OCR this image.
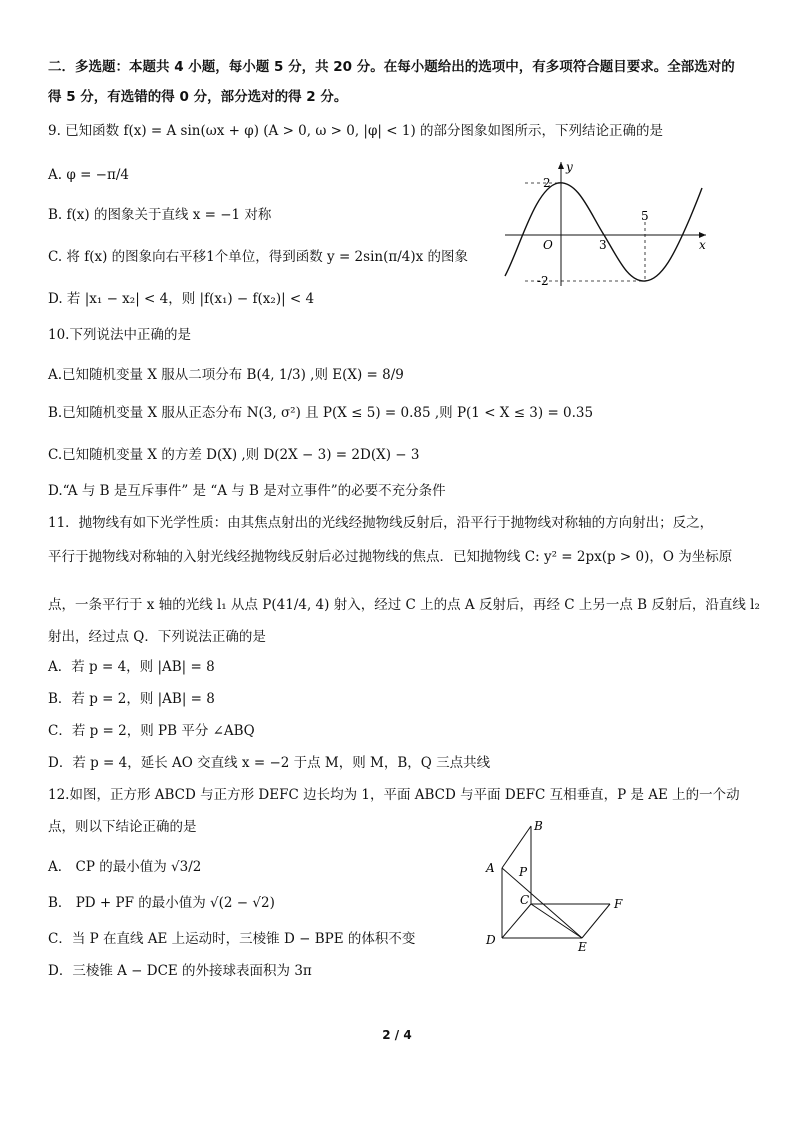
二．多选题：本题共 4 小题，每小题 5 分，共 20 分。在每小题给出的选项中，有多项符合题目要求。全部选对的
得 5 分，有选错的得 0 分，部分选对的得 2 分。
9. 已知函数 f(x) = A sin(ωx + φ) (A > 0, ω > 0, |φ| < 1) 的部分图象如图所示，下列结论正确的是
A. φ = −π/4
B. f(x) 的图象关于直线 x = −1 对称
C. 将 f(x) 的图象向右平移1个单位，得到函数 y = 2sin(π/4)x 的图象
D. 若 |x₁ − x₂| < 4，则 |f(x₁) − f(x₂)| < 4
y
x
O
2
-2
3
5
10.下列说法中正确的是
A.已知随机变量 X 服从二项分布 B(4, 1/3) ,则 E(X) = 8/9
B.已知随机变量 X 服从正态分布 N(3, σ²) 且 P(X ≤ 5) = 0.85 ,则 P(1 < X ≤ 3) = 0.35
C.已知随机变量 X 的方差 D(X) ,则 D(2X − 3) = 2D(X) − 3
D.“A 与 B 是互斥事件” 是 “A 与 B 是对立事件”的必要不充分条件
11．抛物线有如下光学性质：由其焦点射出的光线经抛物线反射后，沿平行于抛物线对称轴的方向射出；反之，
平行于抛物线对称轴的入射光线经抛物线反射后必过抛物线的焦点．已知抛物线 C: y² = 2px(p > 0)，O 为坐标原
点，一条平行于 x 轴的光线 l₁ 从点 P(41/4, 4) 射入，经过 C 上的点 A 反射后，再经 C 上另一点 B 反射后，沿直线 l₂
射出，经过点 Q．下列说法正确的是
A．若 p = 4，则 |AB| = 8
B．若 p = 2，则 |AB| = 8
C．若 p = 2，则 PB 平分 ∠ABQ
D．若 p = 4，延长 AO 交直线 x = −2 于点 M，则 M，B，Q 三点共线
12.如图，正方形 ABCD 与正方形 DEFC 边长均为 1，平面 ABCD 与平面 DEFC 互相垂直，P 是 AE 上的一个动
点，则以下结论正确的是
A． CP 的最小值为 √3/2
B． PD + PF 的最小值为 √(2 − √2)
C．当 P 在直线 AE 上运动时，三棱锥 D − BPE 的体积不变
D．三棱锥 A − DCE 的外接球表面积为 3π
B
A P
C	F
D	E
2 / 4
